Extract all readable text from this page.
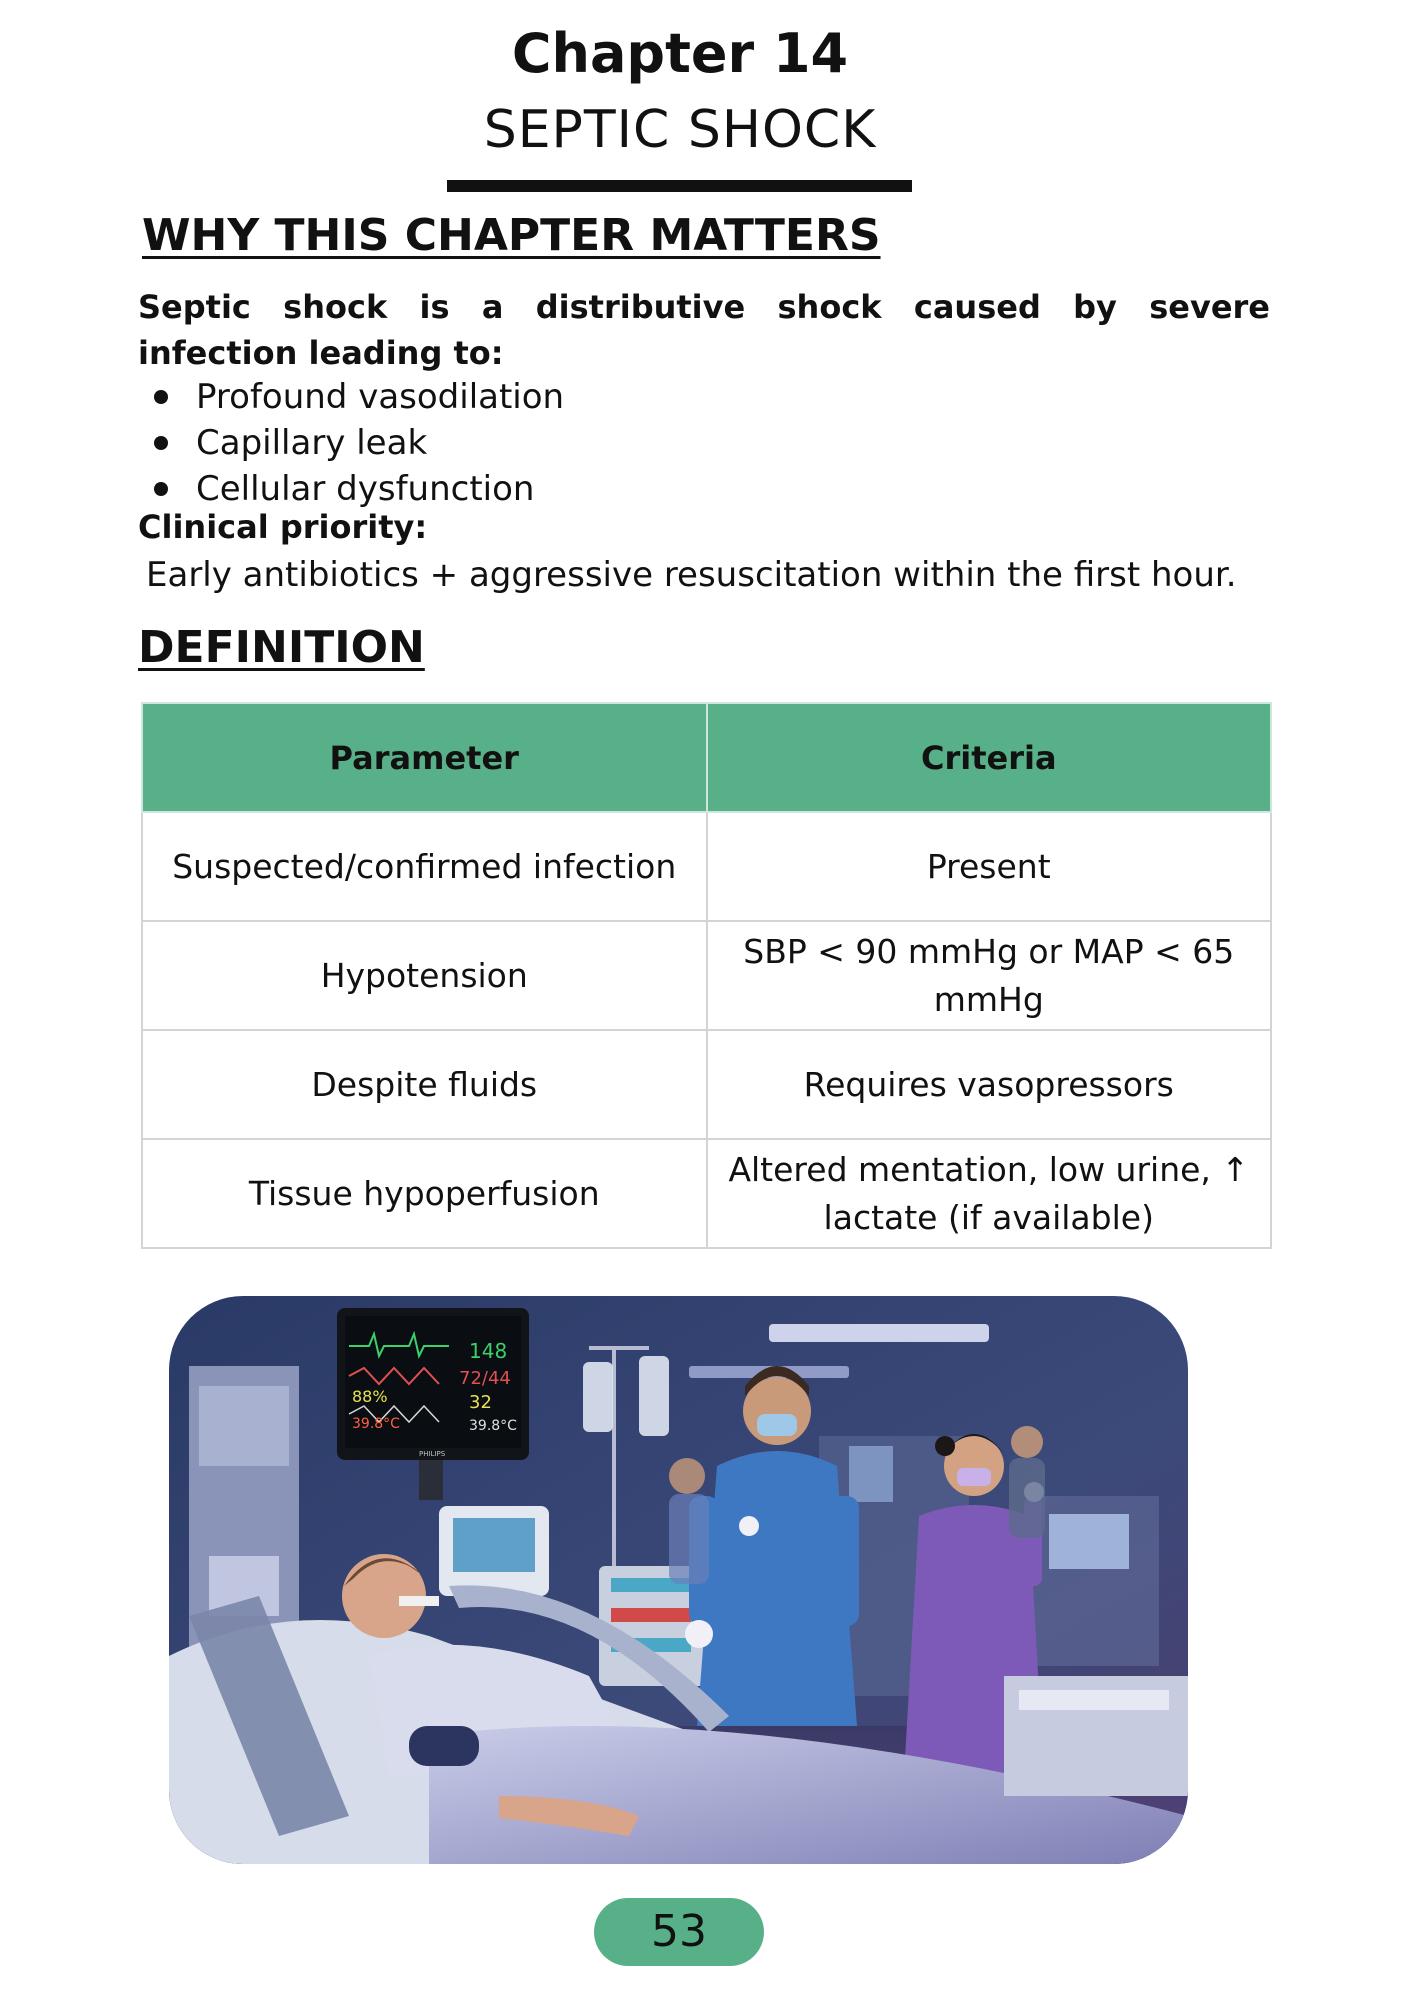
Chapter 14
SEPTIC SHOCK
WHY THIS CHAPTER MATTERS
Septic shock is a distributive shock caused by severe infection leading to:
Profound vasodilation
Capillary leak
Cellular dysfunction
Clinical priority:
Early antibiotics + aggressive resuscitation within the first hour.
DEFINITION
Parameter	Criteria
Suspected/confirmed infection	Present
Hypotension	SBP < 90 mmHg or MAP < 65 mmHg
Despite fluids	Requires vasopressors
Tissue hypoperfusion	Altered mentation, low urine, ↑ lactate (if available)
148
72/44
88%	32
39.8°C	39.8°C
PHILIPS
53
